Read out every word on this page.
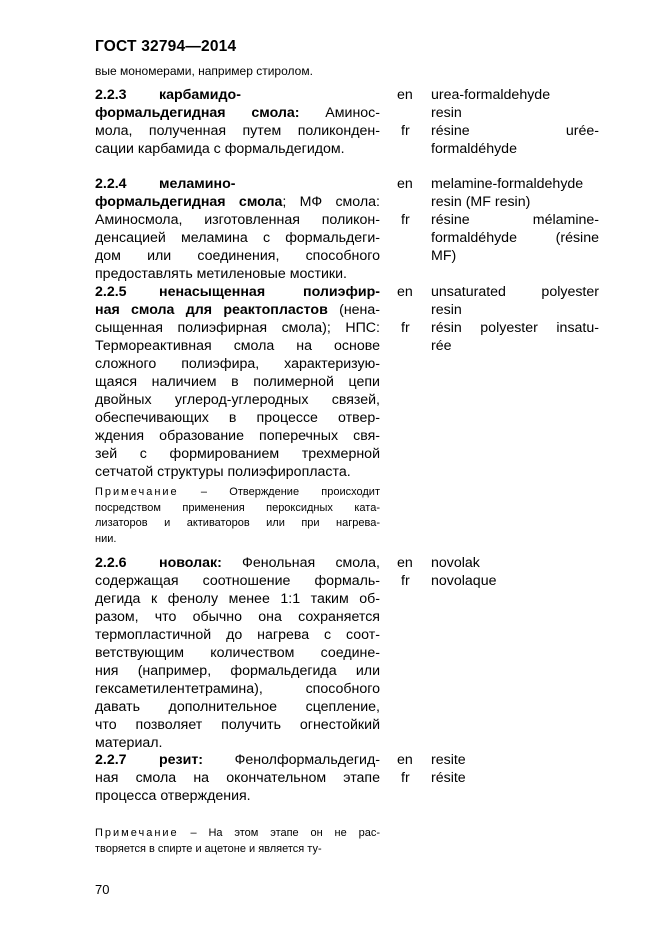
ГОСТ 32794—2014
вые мономерами, например стиролом.
2.2.3 карбамидо-
формальдегидная смола: Аминос-
мола, полученная путем поликонден-
сации карбамида с формальдегидом.
en urea-formaldehyde
resin
fr résine urée-
formaldéhyde
2.2.4 меламино-
формальдегидная смола; МФ смола:
Аминосмола, изготовленная поликон-
денсацией меламина с формальдеги-
дом или соединения, способного
предоставлять метиленовые мостики.
en melamine-formaldehyde
resin (MF resin)
fr résine mélamine-
formaldéhyde (résine
MF)
2.2.5 ненасыщенная полиэфир-
ная смола для реактопластов (нена-
сыщенная полиэфирная смола); НПС:
Термореактивная смола на основе
сложного полиэфира, характеризую-
щаяся наличием в полимерной цепи
двойных углерод-углеродных связей,
обеспечивающих в процессе отвер-
ждения образование поперечных свя-
зей с формированием трехмерной
сетчатой структуры полиэфиропласта.
Примечание – Отверждение происходит
посредством применения пероксидных ката-
лизаторов и активаторов или при нагрева-
нии.
en unsaturated polyester
resin
fr résin polyester insatu-
rée
2.2.6 новолак: Фенольная смола,
содержащая соотношение формаль-
дегида к фенолу менее 1:1 таким об-
разом, что обычно она сохраняется
термопластичной до нагрева с соот-
ветствующим количеством соедине-
ния (например, формальдегида или
гексаметилентетрамина), способного
давать дополнительное сцепление,
что позволяет получить огнестойкий
материал.
en novolak
fr novolaque
2.2.7 резит: Фенолформальдегид-
ная смола на окончательном этапе
процесса отверждения.
Примечание – На этом этапе он не рас-
творяется в спирте и ацетоне и является ту-
en resite
fr résite
70
